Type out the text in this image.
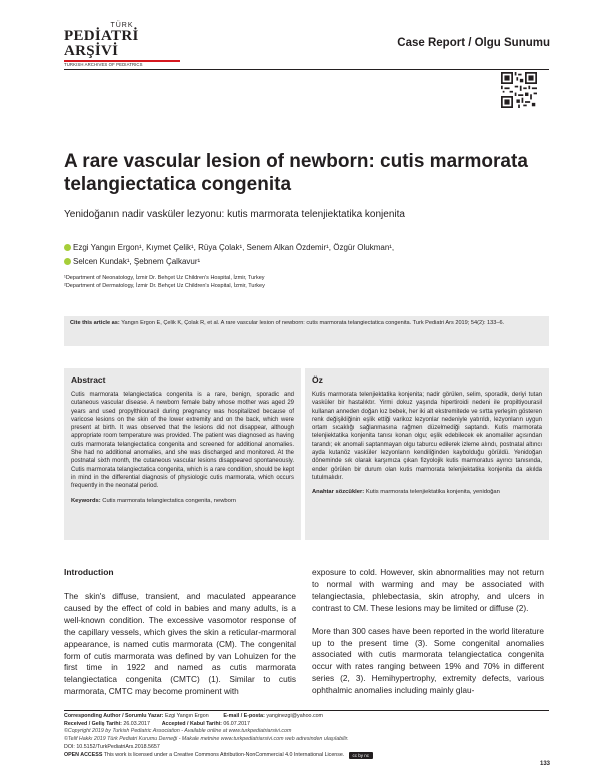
TÜRK
PEDİATRİ ARŞİVİ
TURKISH ARCHIVES OF PEDIATRICS
Case Report / Olgu Sunumu
A rare vascular lesion of newborn: cutis marmorata telangiectatica congenita
Yenidoğanın nadir vasküler lezyonu: kutis marmorata telenjiektatika konjenita
Ezgi Yangın Ergon¹, Kıymet Çelik¹, Rüya Çolak¹, Senem Alkan Özdemir¹, Özgür Olukman¹,
Selcen Kundak¹, Şebnem Çalkavur¹
¹Department of Neonatology, İzmir Dr. Behçet Uz Children's Hospital, İzmir, Turkey
²Department of Dermatology, İzmir Dr. Behçet Uz Children's Hospital, İzmir, Turkey
Cite this article as: Yangın Ergon E, Çelik K, Çolak R, et al. A rare vascular lesion of newborn: cutis marmorata telangiectatica congenita. Turk Pediatri Ars 2019; 54(2): 133–6.
Abstract
Cutis marmorata telangiectatica congenita is a rare, benign, sporadic and cutaneous vascular disease. A newborn female baby whose mother was aged 29 years and used propylthiouracil during pregnancy was hospitalized because of varicose lesions on the skin of the lower extremity and on the back, which were present at birth. It was observed that the lesions did not disappear, although appropriate room temperature was provided. The patient was diagnosed as having cutis marmorata telangiectatica congenita and screened for additional anomalies. She had no additional anomalies, and she was discharged and monitored. At the postnatal sixth month, the cutaneous vascular lesions disappeared spontaneously. Cutis marmorata telangiectatica congenita, which is a rare condition, should be kept in mind in the differential diagnosis of physiologic cutis marmorata, which occurs frequently in the neonatal period.
Keywords: Cutis marmorata telangiectatica congenita, newborn
Öz
Kutis marmorata telenjiektatika konjenita; nadir görülen, selim, sporadik, deriyi tutan vasküler bir hastalıktır. Yirmi dokuz yaşında hipertiroidi nedeni ile propiltiyourasil kullanan anneden doğan kız bebek, her iki alt ekstremitede ve sırtta yerleşim gösteren renk değişikliğinin eşlik ettiği varikoz lezyonlar nedeniyle yatırıldı, lezyonların uygun ortam sıcaklığı sağlanmasına rağmen düzelmediği saptandı. Kutis marmorata telenjiektatika konjenita tanısı konan olgu; eşlik edebilecek ek anomaliler açısından tarandı; ek anomali saptanmayan olgu taburcu edilerek izleme alındı, postnatal altıncı ayda kutanöz vasküler lezyonların kendiliğinden kaybolduğu görüldü. Yenidoğan döneminde sık olarak karşımıza çıkan fizyolojik kutis marmoratus ayırıcı tanısında, ender görülen bir durum olan kutis marmorata telenjiektatika konjenita da akılda tutulmalıdır.
Anahtar sözcükler: Kutis marmorata telenjiektatika konjenita, yenidoğan
Introduction
The skin's diffuse, transient, and maculated appearance caused by the effect of cold in babies and many adults, is a well-known condition. The excessive vasomotor response of the capillary vessels, which gives the skin a reticular-marmoral appearance, is named cutis marmorata (CM). The congenital form of cutis marmorata was defined by van Lohuizen for the first time in 1922 and named as cutis marmorata telangiectatica congenita (CMTC) (1). Similar to cutis marmorata, CMTC may become prominent with

exposure to cold. However, skin abnormalities may not return to normal with warming and may be associated with telangiectasia, phlebectasia, skin atrophy, and ulcers in contrast to CM. These lesions may be limited or diffuse (2).

More than 300 cases have been reported in the world literature up to the present time (3). Some congenital anomalies associated with cutis marmorata telangiectatica congenita occur with rates ranging between 19% and 70% in different series (2, 3). Hemihypertrophy, extremity defects, various ophthalmic anomalies including mainly glau-

Corresponding Author / Sorumlu Yazar: Ezgi Yangın Ergon	E-mail / E-posta: yanginezgi@yahoo.com
Received / Geliş Tarihi: 26.03.2017 Accepted / Kabul Tarihi: 06.07.2017
©Copyright 2019 by Turkish Pediatric Association - Available online at www.turkpediatriarsivi.com
©Telif Hakkı 2019 Türk Pediatri Kurumu Derneği - Makale metnine www.turkpediatriarsivi.com web adresinden ulaşılabilir.
DOI: 10.5152/TurkPediatriArs.2018.5657
OPEN ACCESS This work is licensed under a Creative Commons Attribution-NonCommercial 4.0 International License. cc by nc
133
